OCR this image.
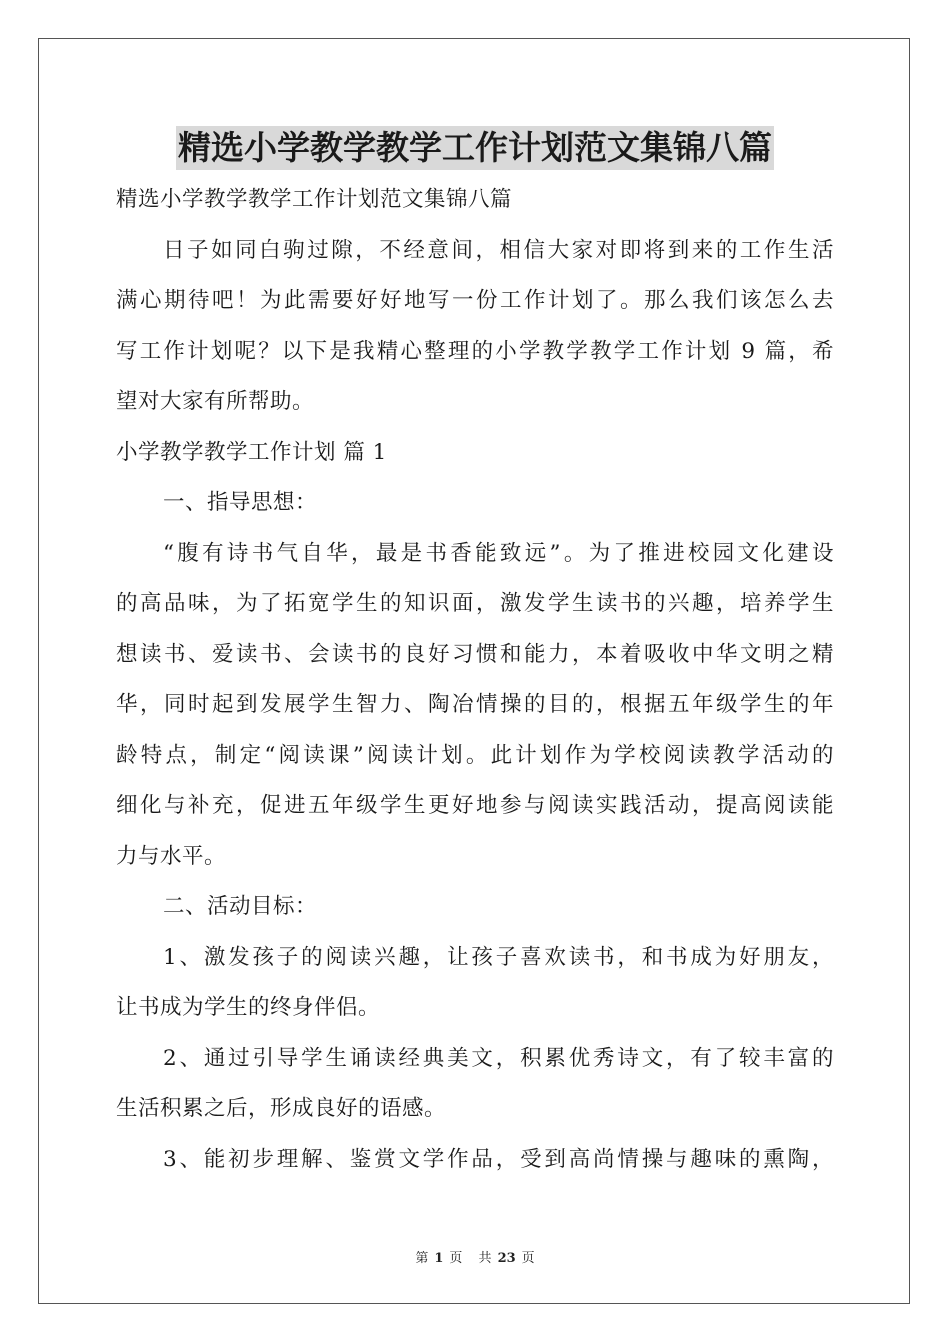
精选小学教学教学工作计划范文集锦八篇
精选小学教学教学工作计划范文集锦八篇
日子如同白驹过隙，不经意间，相信大家对即将到来的工作生活
满心期待吧！为此需要好好地写一份工作计划了。那么我们该怎么去
写工作计划呢？以下是我精心整理的小学教学教学工作计划 9 篇，希
望对大家有所帮助。
小学教学教学工作计划 篇 1
一、指导思想：
“腹有诗书气自华，最是书香能致远”。为了推进校园文化建设
的高品味，为了拓宽学生的知识面，激发学生读书的兴趣，培养学生
想读书、爱读书、会读书的良好习惯和能力，本着吸收中华文明之精
华，同时起到发展学生智力、陶冶情操的目的，根据五年级学生的年
龄特点，制定“阅读课”阅读计划。此计划作为学校阅读教学活动的
细化与补充，促进五年级学生更好地参与阅读实践活动，提高阅读能
力与水平。
二、活动目标：
1、激发孩子的阅读兴趣，让孩子喜欢读书，和书成为好朋友，
让书成为学生的终身伴侣。
2、通过引导学生诵读经典美文，积累优秀诗文，有了较丰富的
生活积累之后，形成良好的语感。
3、能初步理解、鉴赏文学作品，受到高尚情操与趣味的熏陶，
第 1 页 共 23 页
